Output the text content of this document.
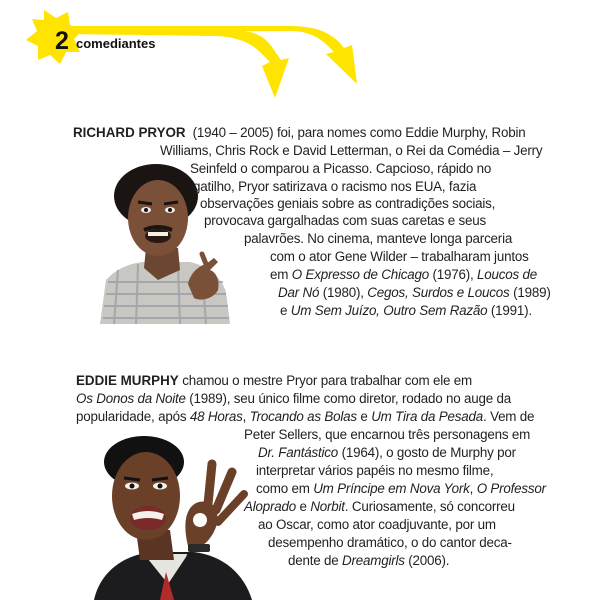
2 comediantes
RICHARD PRYOR (1940 – 2005) foi, para nomes como Eddie Murphy, Robin
Williams, Chris Rock e David Letterman, o Rei da Comédia – Jerry
Seinfeld o comparou a Picasso. Capcioso, rápido no
gatilho, Pryor satirizava o racismo nos EUA, fazia
observações geniais sobre as contradições sociais,
provocava gargalhadas com suas caretas e seus
palavrões. No cinema, manteve longa parceria
com o ator Gene Wilder – trabalharam juntos
em O Expresso de Chicago (1976), Loucos de
Dar Nó (1980), Cegos, Surdos e Loucos (1989)
e Um Sem Juízo, Outro Sem Razão (1991).
EDDIE MURPHY chamou o mestre Pryor para trabalhar com ele em
Os Donos da Noite (1989), seu único filme como diretor, rodado no auge da
popularidade, após 48 Horas, Trocando as Bolas e Um Tira da Pesada. Vem de
Peter Sellers, que encarnou três personagens em
Dr. Fantástico (1964), o gosto de Murphy por
interpretar vários papéis no mesmo filme,
como em Um Príncipe em Nova York, O Professor
Aloprado e Norbit. Curiosamente, só concorreu
ao Oscar, como ator coadjuvante, por um
desempenho dramático, o do cantor deca-
dente de Dreamgirls (2006).
